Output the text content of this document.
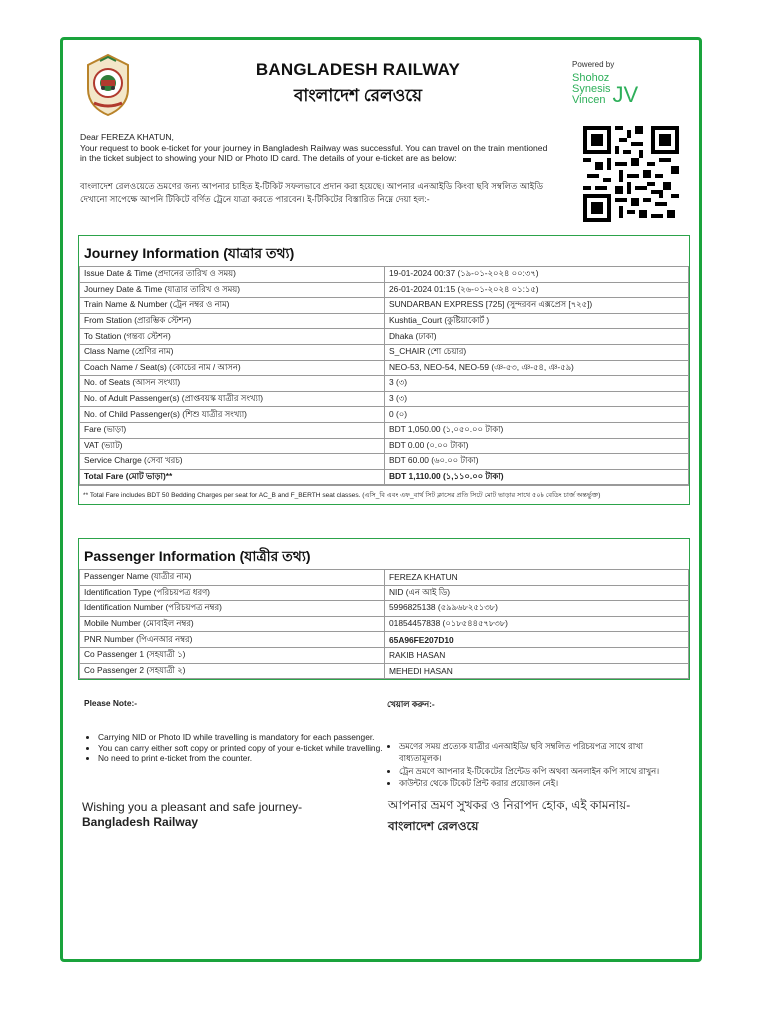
BANGLADESH RAILWAY
বাংলাদেশ রেলওয়ে
Powered by
Shohoz
Synesis
Vincen JV
Dear FEREZA KHATUN,
Your request to book e-ticket for your journey in Bangladesh Railway was successful. You can travel on the train mentioned in the ticket subject to showing your NID or Photo ID card. The details of your e-ticket are as below:
বাংলাদেশ রেলওয়েতে ভ্রমণের জন্য আপনার চাহিত ই-টিকিট সফলভাবে প্রদান করা হয়েছে। আপনার এনআইডি কিংবা ছবি সম্বলিত আইডি দেখানো সাপেক্ষে আপনি টিকিটে বর্ণিত ট্রেনে যাত্রা করতে পারবেন। ই-টিকিটের বিস্তারিত নিম্নে দেয়া হল:-
Journey Information (যাত্রার তথ্য)
Issue Date & Time (প্রদানের তারিখ ও সময়)	19-01-2024 00:37 (১৯-০১-২০২৪ ০০:৩৭)
Journey Date & Time (যাত্রার তারিখ ও সময়)	26-01-2024 01:15 (২৬-০১-২০২৪ ০১:১৫)
Train Name & Number (ট্রেন নম্বর ও নাম)	SUNDARBAN EXPRESS [725] (সুন্দরবন এক্সপ্রেস [৭২৫])
From Station (প্রারম্ভিক স্টেশন)	Kushtia_Court (কুষ্টিয়াকোর্ট )
To Station (গন্তব্য স্টেশন)	Dhaka (ঢাকা)
Class Name (শ্রেণির নাম)	S_CHAIR (শো চেয়ার)
Coach Name / Seat(s) (কোচের নাম / আসন)	NEO-53, NEO-54, NEO-59 (ঞ-৫৩, ঞ-৫৪, ঞ-৫৯)
No. of Seats (আসন সংখ্যা)	3 (৩)
No. of Adult Passenger(s) (প্রাপ্তবয়স্ক যাত্রীর সংখ্যা)	3 (৩)
No. of Child Passenger(s) (শিশু যাত্রীর সংখ্যা)	0 (০)
Fare (ভাড়া)	BDT 1,050.00 (১,০৫০.০০ টাকা)
VAT (ভ্যাট)	BDT 0.00 (০.০০ টাকা)
Service Charge (সেবা খরচ)	BDT 60.00 (৬০.০০ টাকা)
Total Fare (মোট ভাড়া)**	BDT 1,110.00 (১,১১০.০০ টাকা)
** Total Fare includes BDT 50 Bedding Charges per seat for AC_B and F_BERTH seat classes. (এসি_বি এবং এফ_বার্থ সিট ক্লাসের প্রতি সিটে মোট ভাড়ার সাথে ৫০৳ বেডিং চার্জ অন্তর্ভুক্ত)
Passenger Information (যাত্রীর তথ্য)
Passenger Name (যাত্রীর নাম)	FEREZA KHATUN
Identification Type (পরিচয়পত্র ধরণ)	NID (এন আই ডি)
Identification Number (পরিচয়পত্র নম্বর)	5996825138 (৫৯৯৬৮২৫১৩৮)
Mobile Number (মোবাইল নম্বর)	01854457838 (০১৮৫৪৪৫৭৮৩৮)
PNR Number (পিএনআর নম্বর)	65A96FE207D10
Co Passenger 1 (সহযাত্রী ১)	RAKIB HASAN
Co Passenger 2 (সহযাত্রী ২)	MEHEDI HASAN
Please Note:-
• Carrying NID or Photo ID while travelling is mandatory for each passenger.
• You can carry either soft copy or printed copy of your e-ticket while travelling.
• No need to print e-ticket from the counter.
খেয়াল করুন:-
• ভ্রমণের সময় প্রত্যেক যাত্রীর এনআইডি/ ছবি সম্বলিত পরিচয়পত্র সাথে রাখা বাধ্যতামূলক।
• ট্রেন ভ্রমণে আপনার ই-টিকেটের প্রিন্টেড কপি অথবা অনলাইন কপি সাথে রাখুন।
• কাউন্টার থেকে টিকেট প্রিন্ট করার প্রয়োজন নেই।
Wishing you a pleasant and safe journey-
Bangladesh Railway
আপনার ভ্রমণ সুখকর ও নিরাপদ হোক, এই কামনায়-
বাংলাদেশ রেলওয়ে
